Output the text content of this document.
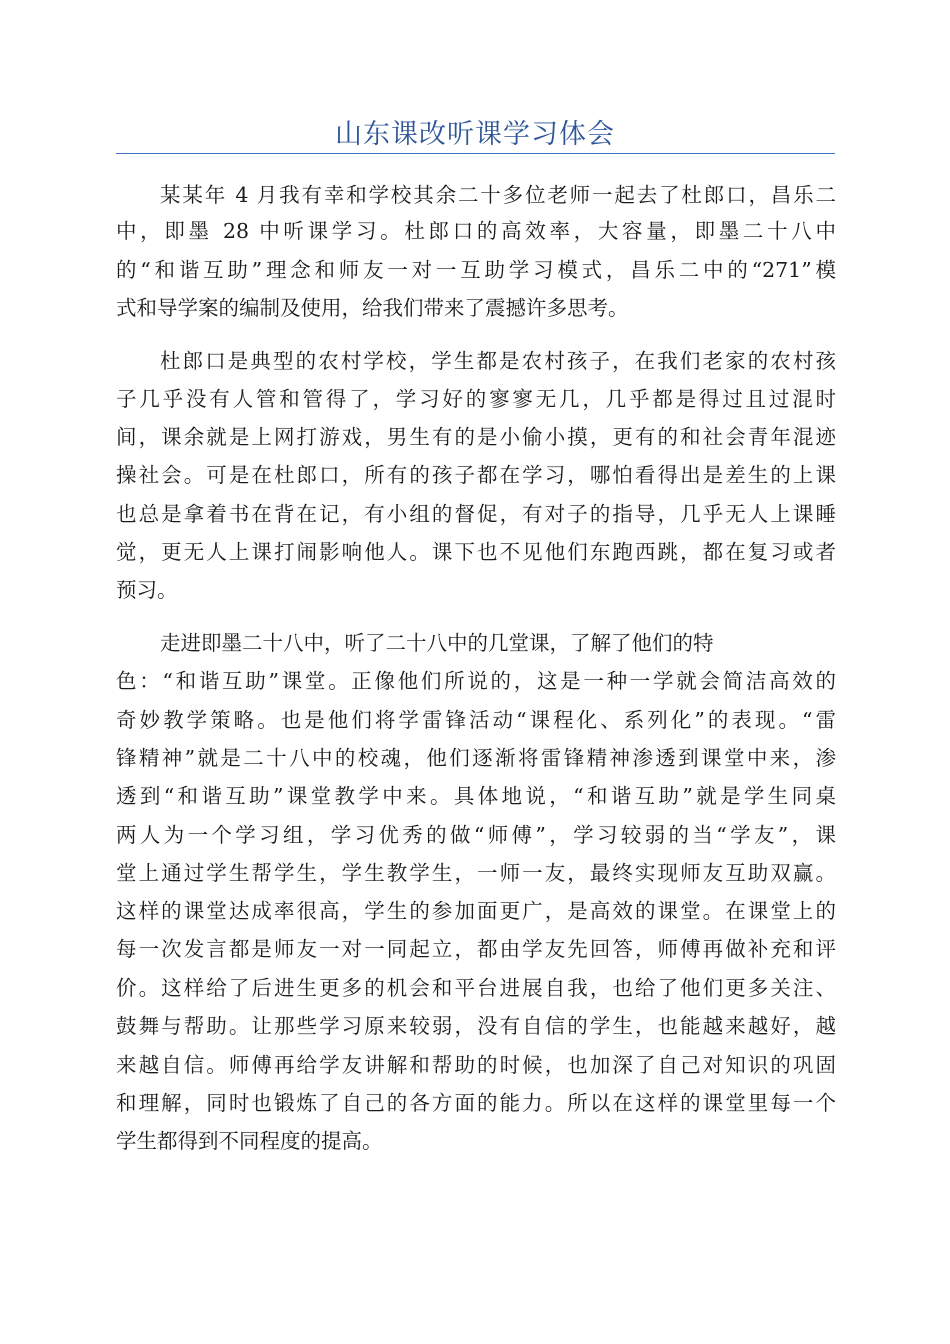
山东课改听课学习体会
某某年 4 月我有幸和学校其余二十多位老师一起去了杜郎口，昌乐二
中，即墨 28 中听课学习。杜郎口的高效率，大容量，即墨二十八中
的“和谐互助”理念和师友一对一互助学习模式，昌乐二中的“271”模
式和导学案的编制及使用，给我们带来了震撼许多思考。
杜郎口是典型的农村学校，学生都是农村孩子，在我们老家的农村孩
子几乎没有人管和管得了，学习好的寥寥无几，几乎都是得过且过混时
间，课余就是上网打游戏，男生有的是小偷小摸，更有的和社会青年混迹
操社会。可是在杜郎口，所有的孩子都在学习，哪怕看得出是差生的上课
也总是拿着书在背在记，有小组的督促，有对子的指导，几乎无人上课睡
觉，更无人上课打闹影响他人。课下也不见他们东跑西跳，都在复习或者
预习。
走进即墨二十八中，听了二十八中的几堂课，了解了他们的特
色：“和谐互助”课堂。正像他们所说的，这是一种一学就会简洁高效的
奇妙教学策略。也是他们将学雷锋活动“课程化、系列化”的表现。“雷
锋精神”就是二十八中的校魂，他们逐渐将雷锋精神渗透到课堂中来，渗
透到“和谐互助”课堂教学中来。具体地说，“和谐互助”就是学生同桌
两人为一个学习组，学习优秀的做“师傅”，学习较弱的当“学友”，课
堂上通过学生帮学生，学生教学生，一师一友，最终实现师友互助双赢。
这样的课堂达成率很高，学生的参加面更广，是高效的课堂。在课堂上的
每一次发言都是师友一对一同起立，都由学友先回答，师傅再做补充和评
价。这样给了后进生更多的机会和平台进展自我，也给了他们更多关注、
鼓舞与帮助。让那些学习原来较弱，没有自信的学生，也能越来越好，越
来越自信。师傅再给学友讲解和帮助的时候，也加深了自己对知识的巩固
和理解，同时也锻炼了自己的各方面的能力。所以在这样的课堂里每一个
学生都得到不同程度的提高。
